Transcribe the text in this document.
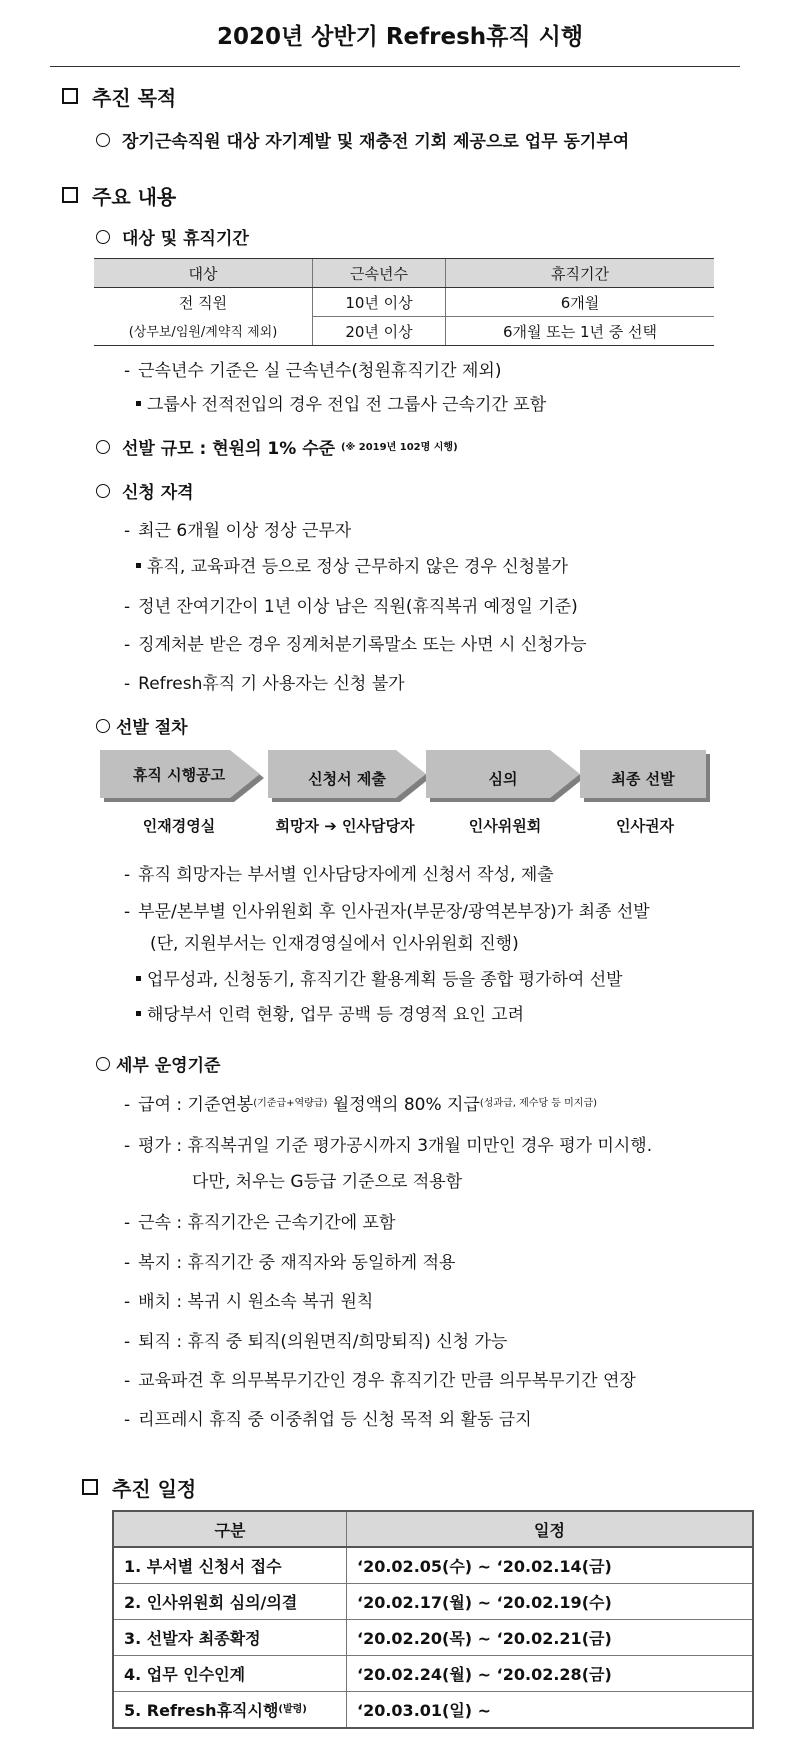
2020년 상반기 Refresh휴직 시행
추진 목적
장기근속직원 대상 자기계발 및 재충전 기회 제공으로 업무 동기부여
주요 내용
대상 및 휴직기간
대상	근속년수	휴직기간
전 직원	10년 이상	6개월
(상무보/임원/계약직 제외)	20년 이상	6개월 또는 1년 중 선택
- 근속년수 기준은 실 근속년수(청원휴직기간 제외)
그룹사 전적전입의 경우 전입 전 그룹사 근속기간 포함
선발 규모 : 현원의 1% 수준 $^{(※ 2019년 102명 시행)}$
신청 자격
- 최근 6개월 이상 정상 근무자
휴직, 교육파견 등으로 정상 근무하지 않은 경우 신청불가
- 정년 잔여기간이 1년 이상 남은 직원(휴직복귀 예정일 기준)
- 징계처분 받은 경우 징계처분기록말소 또는 사면 시 신청가능
- Refresh휴직 기 사용자는 신청 불가
선발 절차
휴직 시행공고	신청서 제출	심의	최종 선발
인재경영실	희망자 ➔ 인사담당자	인사위원회	인사권자
- 휴직 희망자는 부서별 인사담당자에게 신청서 작성, 제출
- 부문/본부별 인사위원회 후 인사권자(부문장/광역본부장)가 최종 선발
(단, 지원부서는 인재경영실에서 인사위원회 진행)
업무성과, 신청동기, 휴직기간 활용계획 등을 종합 평가하여 선발
해당부서 인력 현황, 업무 공백 등 경영적 요인 고려
세부 운영기준
- 급여 : 기준연봉$^{(기준급+역량급)}$ 월정액의 80% 지급$^{(성과급, 제수당 등 미지급)}$
- 평가 : 휴직복귀일 기준 평가공시까지 3개월 미만인 경우 평가 미시행.
다만, 처우는 G등급 기준으로 적용함
- 근속 : 휴직기간은 근속기간에 포함
- 복지 : 휴직기간 중 재직자와 동일하게 적용
- 배치 : 복귀 시 원소속 복귀 원칙
- 퇴직 : 휴직 중 퇴직(의원면직/희망퇴직) 신청 가능
- 교육파견 후 의무복무기간인 경우 휴직기간 만큼 의무복무기간 연장
- 리프레시 휴직 중 이중취업 등 신청 목적 외 활동 금지
추진 일정
구분	일정
1. 부서별 신청서 접수	‘20.02.05(수) ~ ‘20.02.14(금)
2. 인사위원회 심의/의결	‘20.02.17(월) ~ ‘20.02.19(수)
3. 선발자 최종확정	‘20.02.20(목) ~ ‘20.02.21(금)
4. 업무 인수인계	‘20.02.24(월) ~ ‘20.02.28(금)
5. Refresh휴직시행$^{(발령)}$	‘20.03.01(일) ~
